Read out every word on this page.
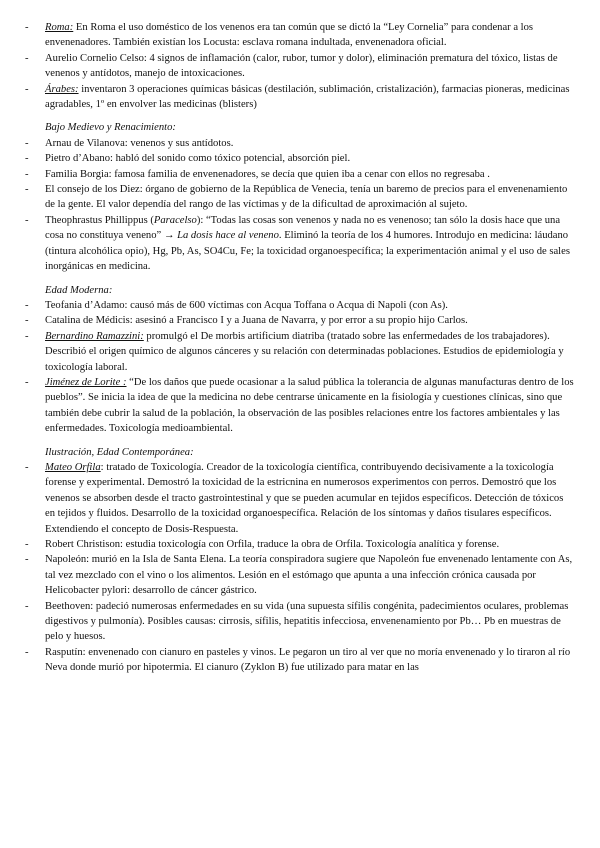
- Roma: En Roma el uso doméstico de los venenos era tan común que se dictó la “Ley Cornelia” para condenar a los envenenadores. También existían los Locusta: esclava romana indultada, envenenadora oficial.
- Aurelio Cornelio Celso: 4 signos de inflamación (calor, rubor, tumor y dolor), eliminación prematura del tóxico, listas de venenos y antídotos, manejo de intoxicaciones.
- Árabes: inventaron 3 operaciones químicas básicas (destilación, sublimación, cristalización), farmacias pioneras, medicinas agradables, 1º en envolver las medicinas (blisters)
Bajo Medievo y Renacimiento:
- Arnau de Vilanova: venenos y sus antídotos.
- Pietro d’Abano: habló del sonido como tóxico potencial, absorción piel.
- Familia Borgia: famosa familia de envenenadores, se decía que quien iba a cenar con ellos no regresaba .
- El consejo de los Diez: órgano de gobierno de la República de Venecia, tenía un baremo de precios para el envenenamiento de la gente. El valor dependía del rango de las víctimas y de la dificultad de aproximación al sujeto.
- Theophrastus Phillippus (Paracelso): “Todas las cosas son venenos y nada no es venenoso; tan sólo la dosis hace que una cosa no constituya veneno” → La dosis hace al veneno. Eliminó la teoría de los 4 humores. Introdujo en medicina: láudano (tintura alcohólica opio), Hg, Pb, As, SO4Cu, Fe; la toxicidad organoespecífica; la experimentación animal y el uso de sales inorgánicas en medicina.
Edad Moderna:
- Teofania d’Adamo: causó más de 600 víctimas con Acqua Toffana o Acqua di Napoli (con As).
- Catalina de Médicis: asesinó a Francisco I y a Juana de Navarra, y por error a su propio hijo Carlos.
- Bernardino Ramazzini: promulgó el De morbis artificium diatriba (tratado sobre las enfermedades de los trabajadores). Describió el origen químico de algunos cánceres y su relación con determinadas poblaciones. Estudios de epidemiología y toxicología laboral.
- Jiménez de Lorite : “De los daños que puede ocasionar a la salud pública la tolerancia de algunas manufacturas dentro de los pueblos”. Se inicia la idea de que la medicina no debe centrarse únicamente en la fisiología y cuestiones clínicas, sino que también debe cubrir la salud de la población, la observación de las posibles relaciones entre los factores ambientales y las enfermedades. Toxicología medioambiental.
Ilustración, Edad Contemporánea:
- Mateo Orfila: tratado de Toxicología. Creador de la toxicología científica, contribuyendo decisivamente a la toxicología forense y experimental. Demostró la toxicidad de la estricnina en numerosos experimentos con perros. Demostró que los venenos se absorben desde el tracto gastrointestinal y que se pueden acumular en tejidos específicos. Detección de tóxicos en tejidos y fluidos. Desarrollo de la toxicidad organoespecífica. Relación de los síntomas y daños tisulares específicos. Extendiendo el concepto de Dosis-Respuesta.
- Robert Christison: estudia toxicología con Orfila, traduce la obra de Orfila. Toxicología analítica y forense.
- Napoleón: murió en la Isla de Santa Elena. La teoría conspiradora sugiere que Napoleón fue envenenado lentamente con As, tal vez mezclado con el vino o los alimentos. Lesión en el estómago que apunta a una infección crónica causada por Helicobacter pylori: desarrollo de cáncer gástrico.
- Beethoven: padeció numerosas enfermedades en su vida (una supuesta sífilis congénita, padecimientos oculares, problemas digestivos y pulmonía). Posibles causas: cirrosis, sífilis, hepatitis infecciosa, envenenamiento por Pb… Pb en muestras de pelo y huesos.
- Rasputín: envenenado con cianuro en pasteles y vinos. Le pegaron un tiro al ver que no moría envenenado y lo tiraron al río Neva donde murió por hipotermia. El cianuro (Zyklon B) fue utilizado para matar en las
